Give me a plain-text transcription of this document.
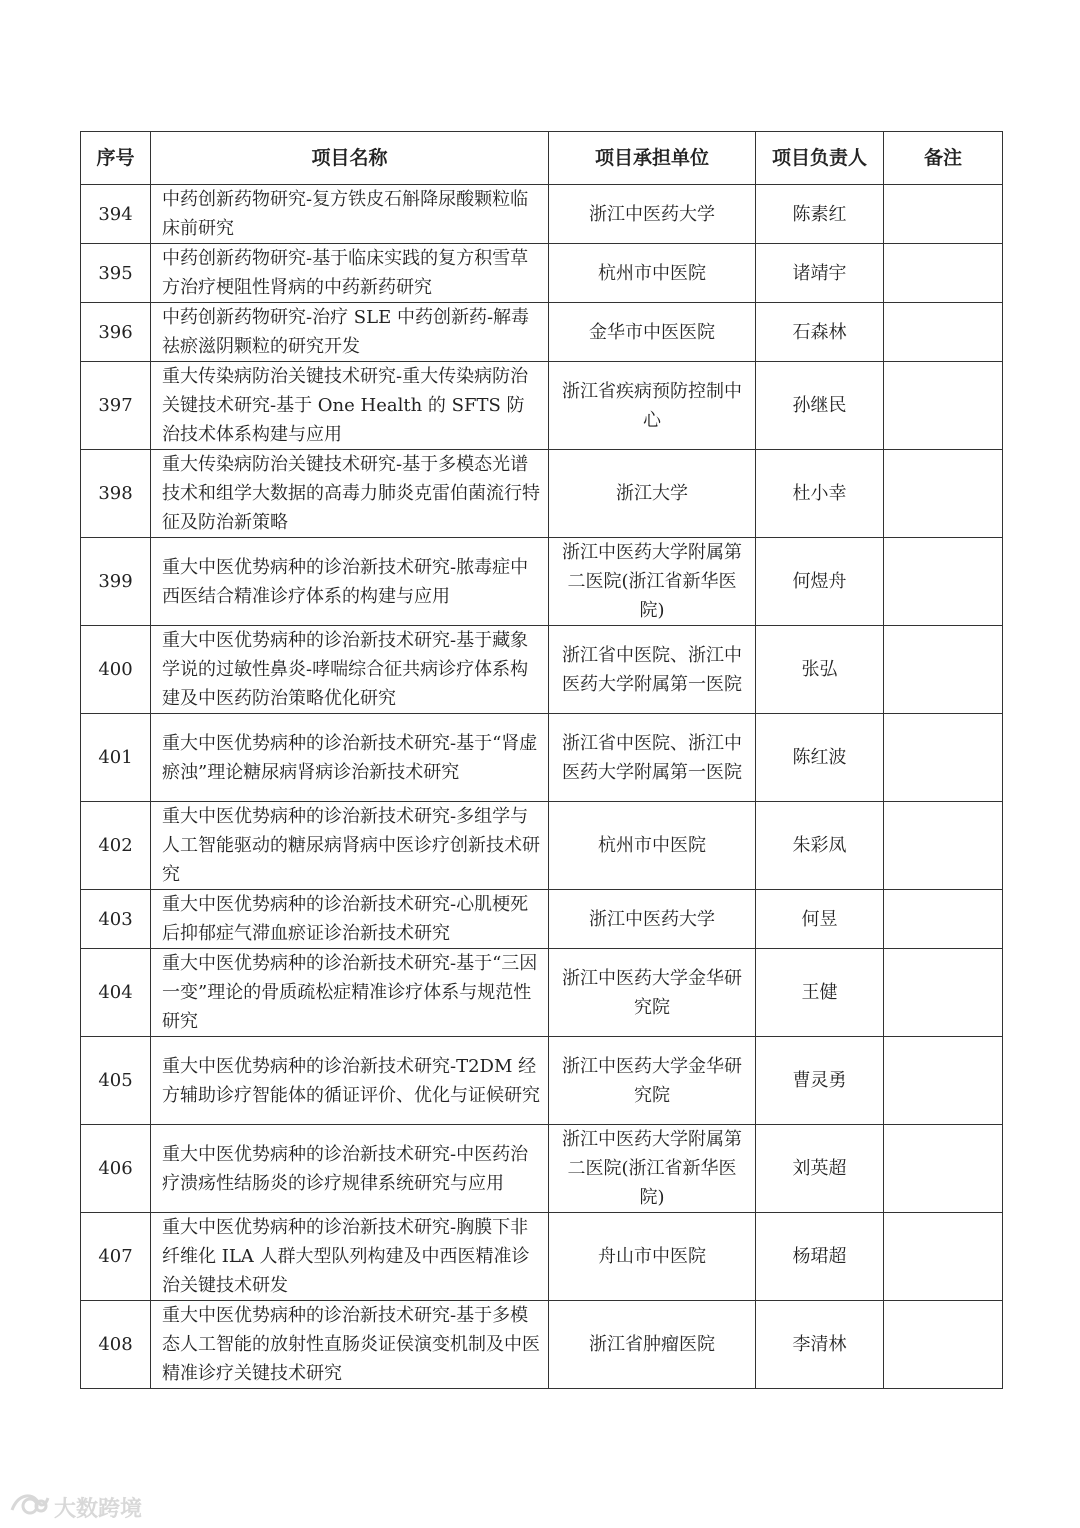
序号	项目名称	项目承担单位	项目负责人	备注
394	中药创新药物研究-复方铁皮石斛降尿酸颗粒临床前研究	浙江中医药大学	陈素红	
395	中药创新药物研究-基于临床实践的复方积雪草方治疗梗阻性肾病的中药新药研究	杭州市中医院	诸靖宇	
396	中药创新药物研究-治疗 SLE 中药创新药-解毒祛瘀滋阴颗粒的研究开发	金华市中医医院	石森林	
397	重大传染病防治关键技术研究-重大传染病防治关键技术研究-基于 One Health 的 SFTS 防治技术体系构建与应用	浙江省疾病预防控制中心	孙继民	
398	重大传染病防治关键技术研究-基于多模态光谱技术和组学大数据的高毒力肺炎克雷伯菌流行特征及防治新策略	浙江大学	杜小幸	
399	重大中医优势病种的诊治新技术研究-脓毒症中西医结合精准诊疗体系的构建与应用	浙江中医药大学附属第二医院(浙江省新华医院)	何煜舟	
400	重大中医优势病种的诊治新技术研究-基于藏象学说的过敏性鼻炎-哮喘综合征共病诊疗体系构建及中医药防治策略优化研究	浙江省中医院、浙江中医药大学附属第一医院	张弘	
401	重大中医优势病种的诊治新技术研究-基于“肾虚瘀浊”理论糖尿病肾病诊治新技术研究	浙江省中医院、浙江中医药大学附属第一医院	陈红波	
402	重大中医优势病种的诊治新技术研究-多组学与人工智能驱动的糖尿病肾病中医诊疗创新技术研究	杭州市中医院	朱彩凤	
403	重大中医优势病种的诊治新技术研究-心肌梗死后抑郁症气滞血瘀证诊治新技术研究	浙江中医药大学	何昱	
404	重大中医优势病种的诊治新技术研究-基于“三因一变”理论的骨质疏松症精准诊疗体系与规范性研究	浙江中医药大学金华研究院	王健	
405	重大中医优势病种的诊治新技术研究-T2DM 经方辅助诊疗智能体的循证评价、优化与证候研究	浙江中医药大学金华研究院	曹灵勇	
406	重大中医优势病种的诊治新技术研究-中医药治疗溃疡性结肠炎的诊疗规律系统研究与应用	浙江中医药大学附属第二医院(浙江省新华医院)	刘英超	
407	重大中医优势病种的诊治新技术研究-胸膜下非纤维化 ILA 人群大型队列构建及中西医精准诊治关键技术研发	舟山市中医院	杨珺超	
408	重大中医优势病种的诊治新技术研究-基于多模态人工智能的放射性直肠炎证侯演变机制及中医精准诊疗关键技术研究	浙江省肿瘤医院	李清林	
大数跨境
